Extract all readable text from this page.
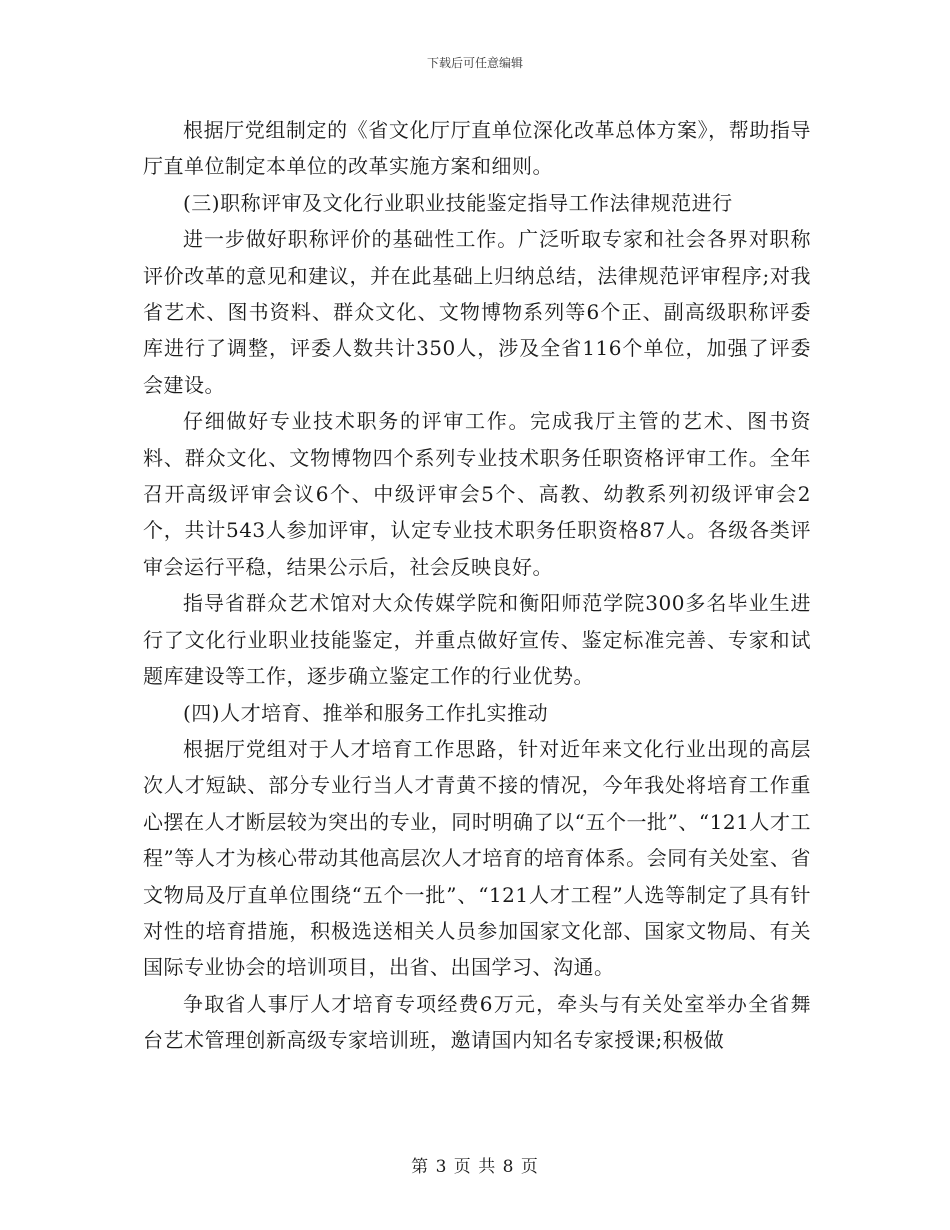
下载后可任意编辑

根据厅党组制定的《省文化厅厅直单位深化改革总体方案》，帮助指导厅直单位制定本单位的改革实施方案和细则。

(三)职称评审及文化行业职业技能鉴定指导工作法律规范进行

进一步做好职称评价的基础性工作。广泛听取专家和社会各界对职称评价改革的意见和建议，并在此基础上归纳总结，法律规范评审程序;对我省艺术、图书资料、群众文化、文物博物系列等6个正、副高级职称评委库进行了调整，评委人数共计350人，涉及全省116个单位，加强了评委会建设。

仔细做好专业技术职务的评审工作。完成我厅主管的艺术、图书资料、群众文化、文物博物四个系列专业技术职务任职资格评审工作。全年召开高级评审会议6个、中级评审会5个、高教、幼教系列初级评审会2个，共计543人参加评审，认定专业技术职务任职资格87人。各级各类评审会运行平稳，结果公示后，社会反映良好。

指导省群众艺术馆对大众传媒学院和衡阳师范学院300多名毕业生进行了文化行业职业技能鉴定，并重点做好宣传、鉴定标准完善、专家和试题库建设等工作，逐步确立鉴定工作的行业优势。

(四)人才培育、推举和服务工作扎实推动

根据厅党组对于人才培育工作思路，针对近年来文化行业出现的高层次人才短缺、部分专业行当人才青黄不接的情况，今年我处将培育工作重心摆在人才断层较为突出的专业，同时明确了以“五个一批”、“121人才工程”等人才为核心带动其他高层次人才培育的培育体系。会同有关处室、省文物局及厅直单位围绕“五个一批”、“121人才工程”人选等制定了具有针对性的培育措施，积极选送相关人员参加国家文化部、国家文物局、有关国际专业协会的培训项目，出省、出国学习、沟通。

争取省人事厅人才培育专项经费6万元，牵头与有关处室举办全省舞台艺术管理创新高级专家培训班，邀请国内知名专家授课;积极做

第 3 页 共 8 页
